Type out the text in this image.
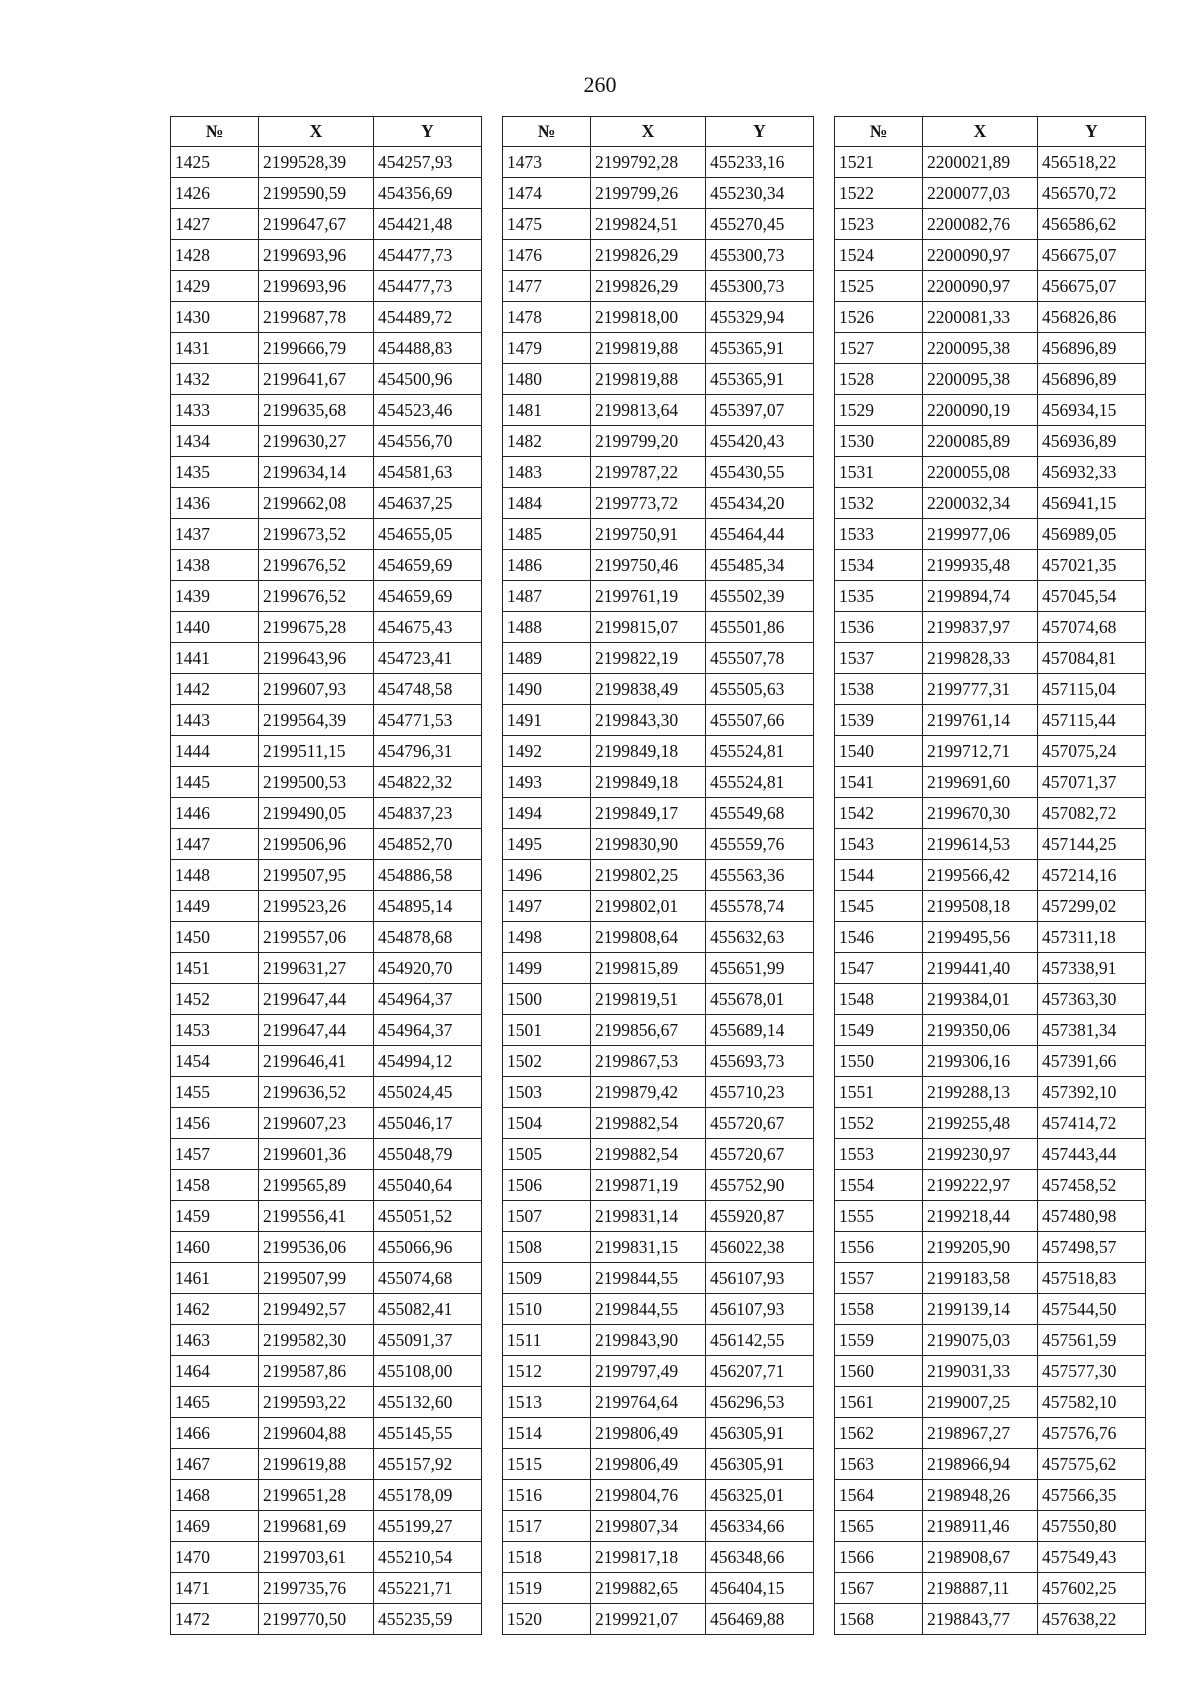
260
№	X	Y
1425	2199528,39	454257,93
1426	2199590,59	454356,69
1427	2199647,67	454421,48
1428	2199693,96	454477,73
1429	2199693,96	454477,73
1430	2199687,78	454489,72
1431	2199666,79	454488,83
1432	2199641,67	454500,96
1433	2199635,68	454523,46
1434	2199630,27	454556,70
1435	2199634,14	454581,63
1436	2199662,08	454637,25
1437	2199673,52	454655,05
1438	2199676,52	454659,69
1439	2199676,52	454659,69
1440	2199675,28	454675,43
1441	2199643,96	454723,41
1442	2199607,93	454748,58
1443	2199564,39	454771,53
1444	2199511,15	454796,31
1445	2199500,53	454822,32
1446	2199490,05	454837,23
1447	2199506,96	454852,70
1448	2199507,95	454886,58
1449	2199523,26	454895,14
1450	2199557,06	454878,68
1451	2199631,27	454920,70
1452	2199647,44	454964,37
1453	2199647,44	454964,37
1454	2199646,41	454994,12
1455	2199636,52	455024,45
1456	2199607,23	455046,17
1457	2199601,36	455048,79
1458	2199565,89	455040,64
1459	2199556,41	455051,52
1460	2199536,06	455066,96
1461	2199507,99	455074,68
1462	2199492,57	455082,41
1463	2199582,30	455091,37
1464	2199587,86	455108,00
1465	2199593,22	455132,60
1466	2199604,88	455145,55
1467	2199619,88	455157,92
1468	2199651,28	455178,09
1469	2199681,69	455199,27
1470	2199703,61	455210,54
1471	2199735,76	455221,71
1472	2199770,50	455235,59
№	X	Y
1473	2199792,28	455233,16
1474	2199799,26	455230,34
1475	2199824,51	455270,45
1476	2199826,29	455300,73
1477	2199826,29	455300,73
1478	2199818,00	455329,94
1479	2199819,88	455365,91
1480	2199819,88	455365,91
1481	2199813,64	455397,07
1482	2199799,20	455420,43
1483	2199787,22	455430,55
1484	2199773,72	455434,20
1485	2199750,91	455464,44
1486	2199750,46	455485,34
1487	2199761,19	455502,39
1488	2199815,07	455501,86
1489	2199822,19	455507,78
1490	2199838,49	455505,63
1491	2199843,30	455507,66
1492	2199849,18	455524,81
1493	2199849,18	455524,81
1494	2199849,17	455549,68
1495	2199830,90	455559,76
1496	2199802,25	455563,36
1497	2199802,01	455578,74
1498	2199808,64	455632,63
1499	2199815,89	455651,99
1500	2199819,51	455678,01
1501	2199856,67	455689,14
1502	2199867,53	455693,73
1503	2199879,42	455710,23
1504	2199882,54	455720,67
1505	2199882,54	455720,67
1506	2199871,19	455752,90
1507	2199831,14	455920,87
1508	2199831,15	456022,38
1509	2199844,55	456107,93
1510	2199844,55	456107,93
1511	2199843,90	456142,55
1512	2199797,49	456207,71
1513	2199764,64	456296,53
1514	2199806,49	456305,91
1515	2199806,49	456305,91
1516	2199804,76	456325,01
1517	2199807,34	456334,66
1518	2199817,18	456348,66
1519	2199882,65	456404,15
1520	2199921,07	456469,88
№	X	Y
1521	2200021,89	456518,22
1522	2200077,03	456570,72
1523	2200082,76	456586,62
1524	2200090,97	456675,07
1525	2200090,97	456675,07
1526	2200081,33	456826,86
1527	2200095,38	456896,89
1528	2200095,38	456896,89
1529	2200090,19	456934,15
1530	2200085,89	456936,89
1531	2200055,08	456932,33
1532	2200032,34	456941,15
1533	2199977,06	456989,05
1534	2199935,48	457021,35
1535	2199894,74	457045,54
1536	2199837,97	457074,68
1537	2199828,33	457084,81
1538	2199777,31	457115,04
1539	2199761,14	457115,44
1540	2199712,71	457075,24
1541	2199691,60	457071,37
1542	2199670,30	457082,72
1543	2199614,53	457144,25
1544	2199566,42	457214,16
1545	2199508,18	457299,02
1546	2199495,56	457311,18
1547	2199441,40	457338,91
1548	2199384,01	457363,30
1549	2199350,06	457381,34
1550	2199306,16	457391,66
1551	2199288,13	457392,10
1552	2199255,48	457414,72
1553	2199230,97	457443,44
1554	2199222,97	457458,52
1555	2199218,44	457480,98
1556	2199205,90	457498,57
1557	2199183,58	457518,83
1558	2199139,14	457544,50
1559	2199075,03	457561,59
1560	2199031,33	457577,30
1561	2199007,25	457582,10
1562	2198967,27	457576,76
1563	2198966,94	457575,62
1564	2198948,26	457566,35
1565	2198911,46	457550,80
1566	2198908,67	457549,43
1567	2198887,11	457602,25
1568	2198843,77	457638,22
